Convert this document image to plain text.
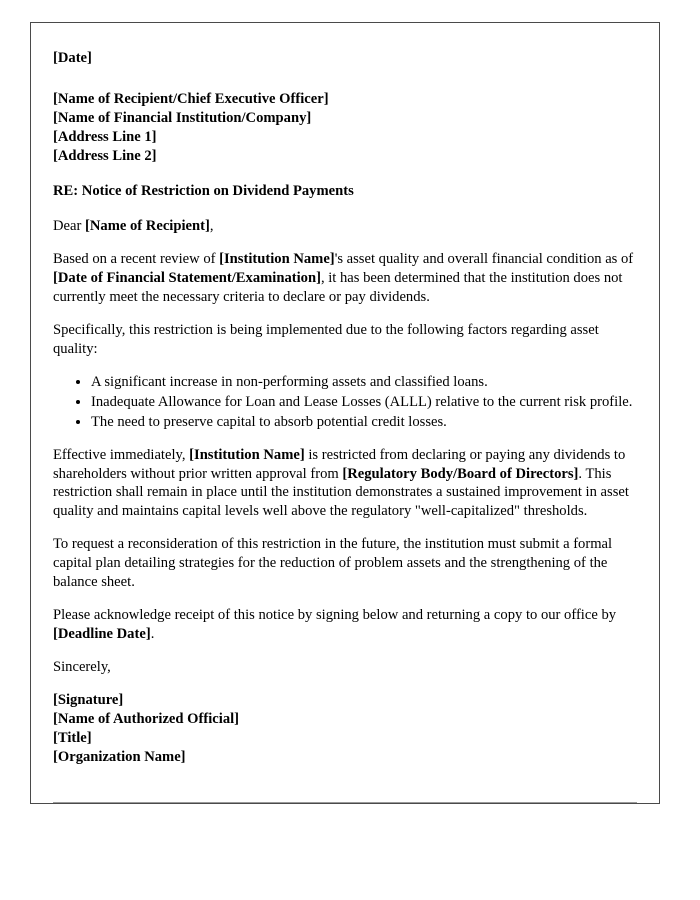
[Date]

[Name of Recipient/Chief Executive Officer]

[Name of Financial Institution/Company]

[Address Line 1]

[Address Line 2]

RE: Notice of Restriction on Dividend Payments

Dear [Name of Recipient],

Based on a recent review of [Institution Name]'s asset quality and overall financial condition as of [Date of Financial Statement/Examination], it has been determined that the institution does not currently meet the necessary criteria to declare or pay dividends.

Specifically, this restriction is being implemented due to the following factors regarding asset quality:

• A significant increase in non-performing assets and classified loans.
• Inadequate Allowance for Loan and Lease Losses (ALLL) relative to the current risk profile.
• The need to preserve capital to absorb potential credit losses.

Effective immediately, [Institution Name] is restricted from declaring or paying any dividends to shareholders without prior written approval from [Regulatory Body/Board of Directors]. This restriction shall remain in place until the institution demonstrates a sustained improvement in asset quality and maintains capital levels well above the regulatory "well-capitalized" thresholds.

To request a reconsideration of this restriction in the future, the institution must submit a formal capital plan detailing strategies for the reduction of problem assets and the strengthening of the balance sheet.

Please acknowledge receipt of this notice by signing below and returning a copy to our office by [Deadline Date].

Sincerely,

[Signature]
[Name of Authorized Official]
[Title]
[Organization Name]
